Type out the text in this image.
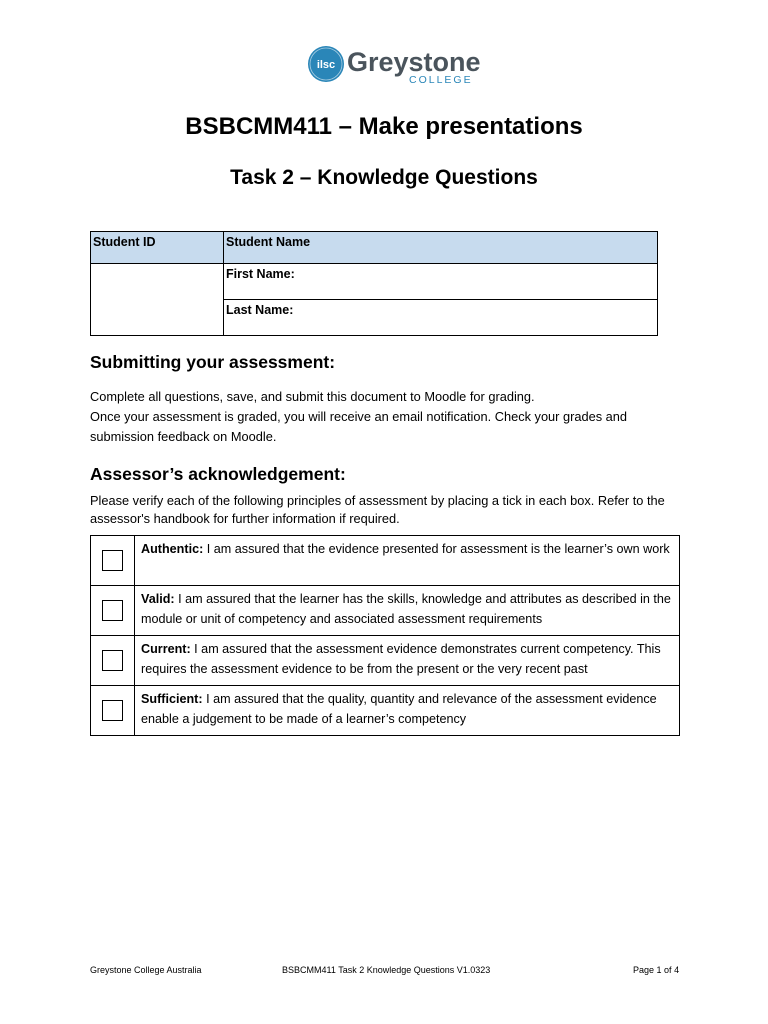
ilsc Greystone
COLLEGE
BSBCMM411 – Make presentations
Task 2 – Knowledge Questions
Student ID	Student Name
	First Name:
	Last Name:
Submitting your assessment:
Complete all questions, save, and submit this document to Moodle for grading.
Once your assessment is graded, you will receive an email notification. Check your grades and submission feedback on Moodle.
Assessor’s acknowledgement:
Please verify each of the following principles of assessment by placing a tick in each box. Refer to the assessor's handbook for further information if required.
	Authentic: I am assured that the evidence presented for assessment is the learner’s own work
	Valid: I am assured that the learner has the skills, knowledge and attributes as described in the module or unit of competency and associated assessment requirements
	Current: I am assured that the assessment evidence demonstrates current competency. This requires the assessment evidence to be from the present or the very recent past
	Sufficient: I am assured that the quality, quantity and relevance of the assessment evidence enable a judgement to be made of a learner’s competency
Greystone College Australia	BSBCMM411 Task 2 Knowledge Questions V1.0323	Page 1 of 4
